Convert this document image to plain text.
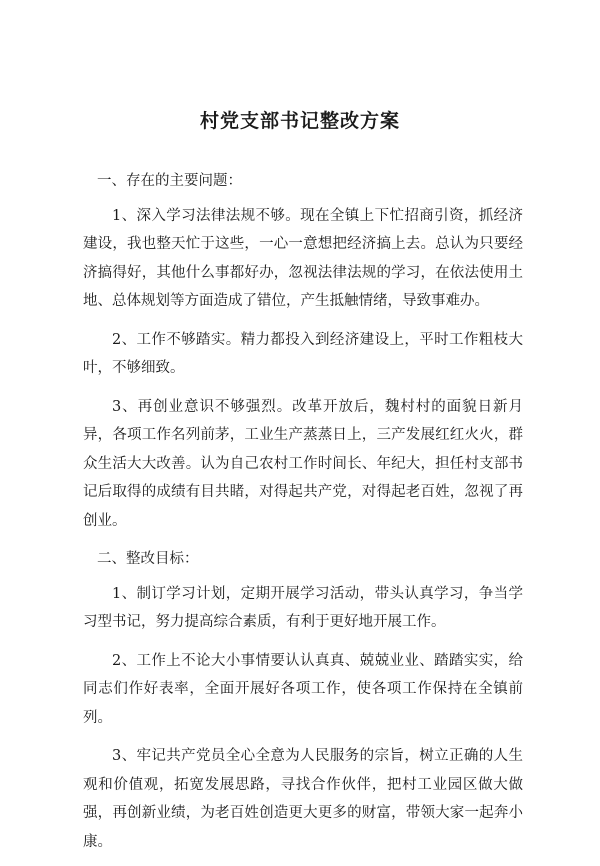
村党支部书记整改方案

一、存在的主要问题：

1、深入学习法律法规不够。现在全镇上下忙招商引资，抓经济建设，我也整天忙于这些，一心一意想把经济搞上去。总认为只要经济搞得好，其他什么事都好办，忽视法律法规的学习，在依法使用土地、总体规划等方面造成了错位，产生抵触情绪，导致事难办。

2、工作不够踏实。精力都投入到经济建设上，平时工作粗枝大叶，不够细致。

3、再创业意识不够强烈。改革开放后，魏村村的面貌日新月异，各项工作名列前茅，工业生产蒸蒸日上，三产发展红红火火，群众生活大大改善。认为自己农村工作时间长、年纪大，担任村支部书记后取得的成绩有目共睹，对得起共产党，对得起老百姓，忽视了再创业。

二、整改目标：

1、制订学习计划，定期开展学习活动，带头认真学习，争当学习型书记，努力提高综合素质，有利于更好地开展工作。

2、工作上不论大小事情要认认真真、兢兢业业、踏踏实实，给同志们作好表率，全面开展好各项工作，使各项工作保持在全镇前列。

3、牢记共产党员全心全意为人民服务的宗旨，树立正确的人生观和价值观，拓宽发展思路，寻找合作伙伴，把村工业园区做大做强，再创新业绩，为老百姓创造更大更多的财富，带领大家一起奔小康。
